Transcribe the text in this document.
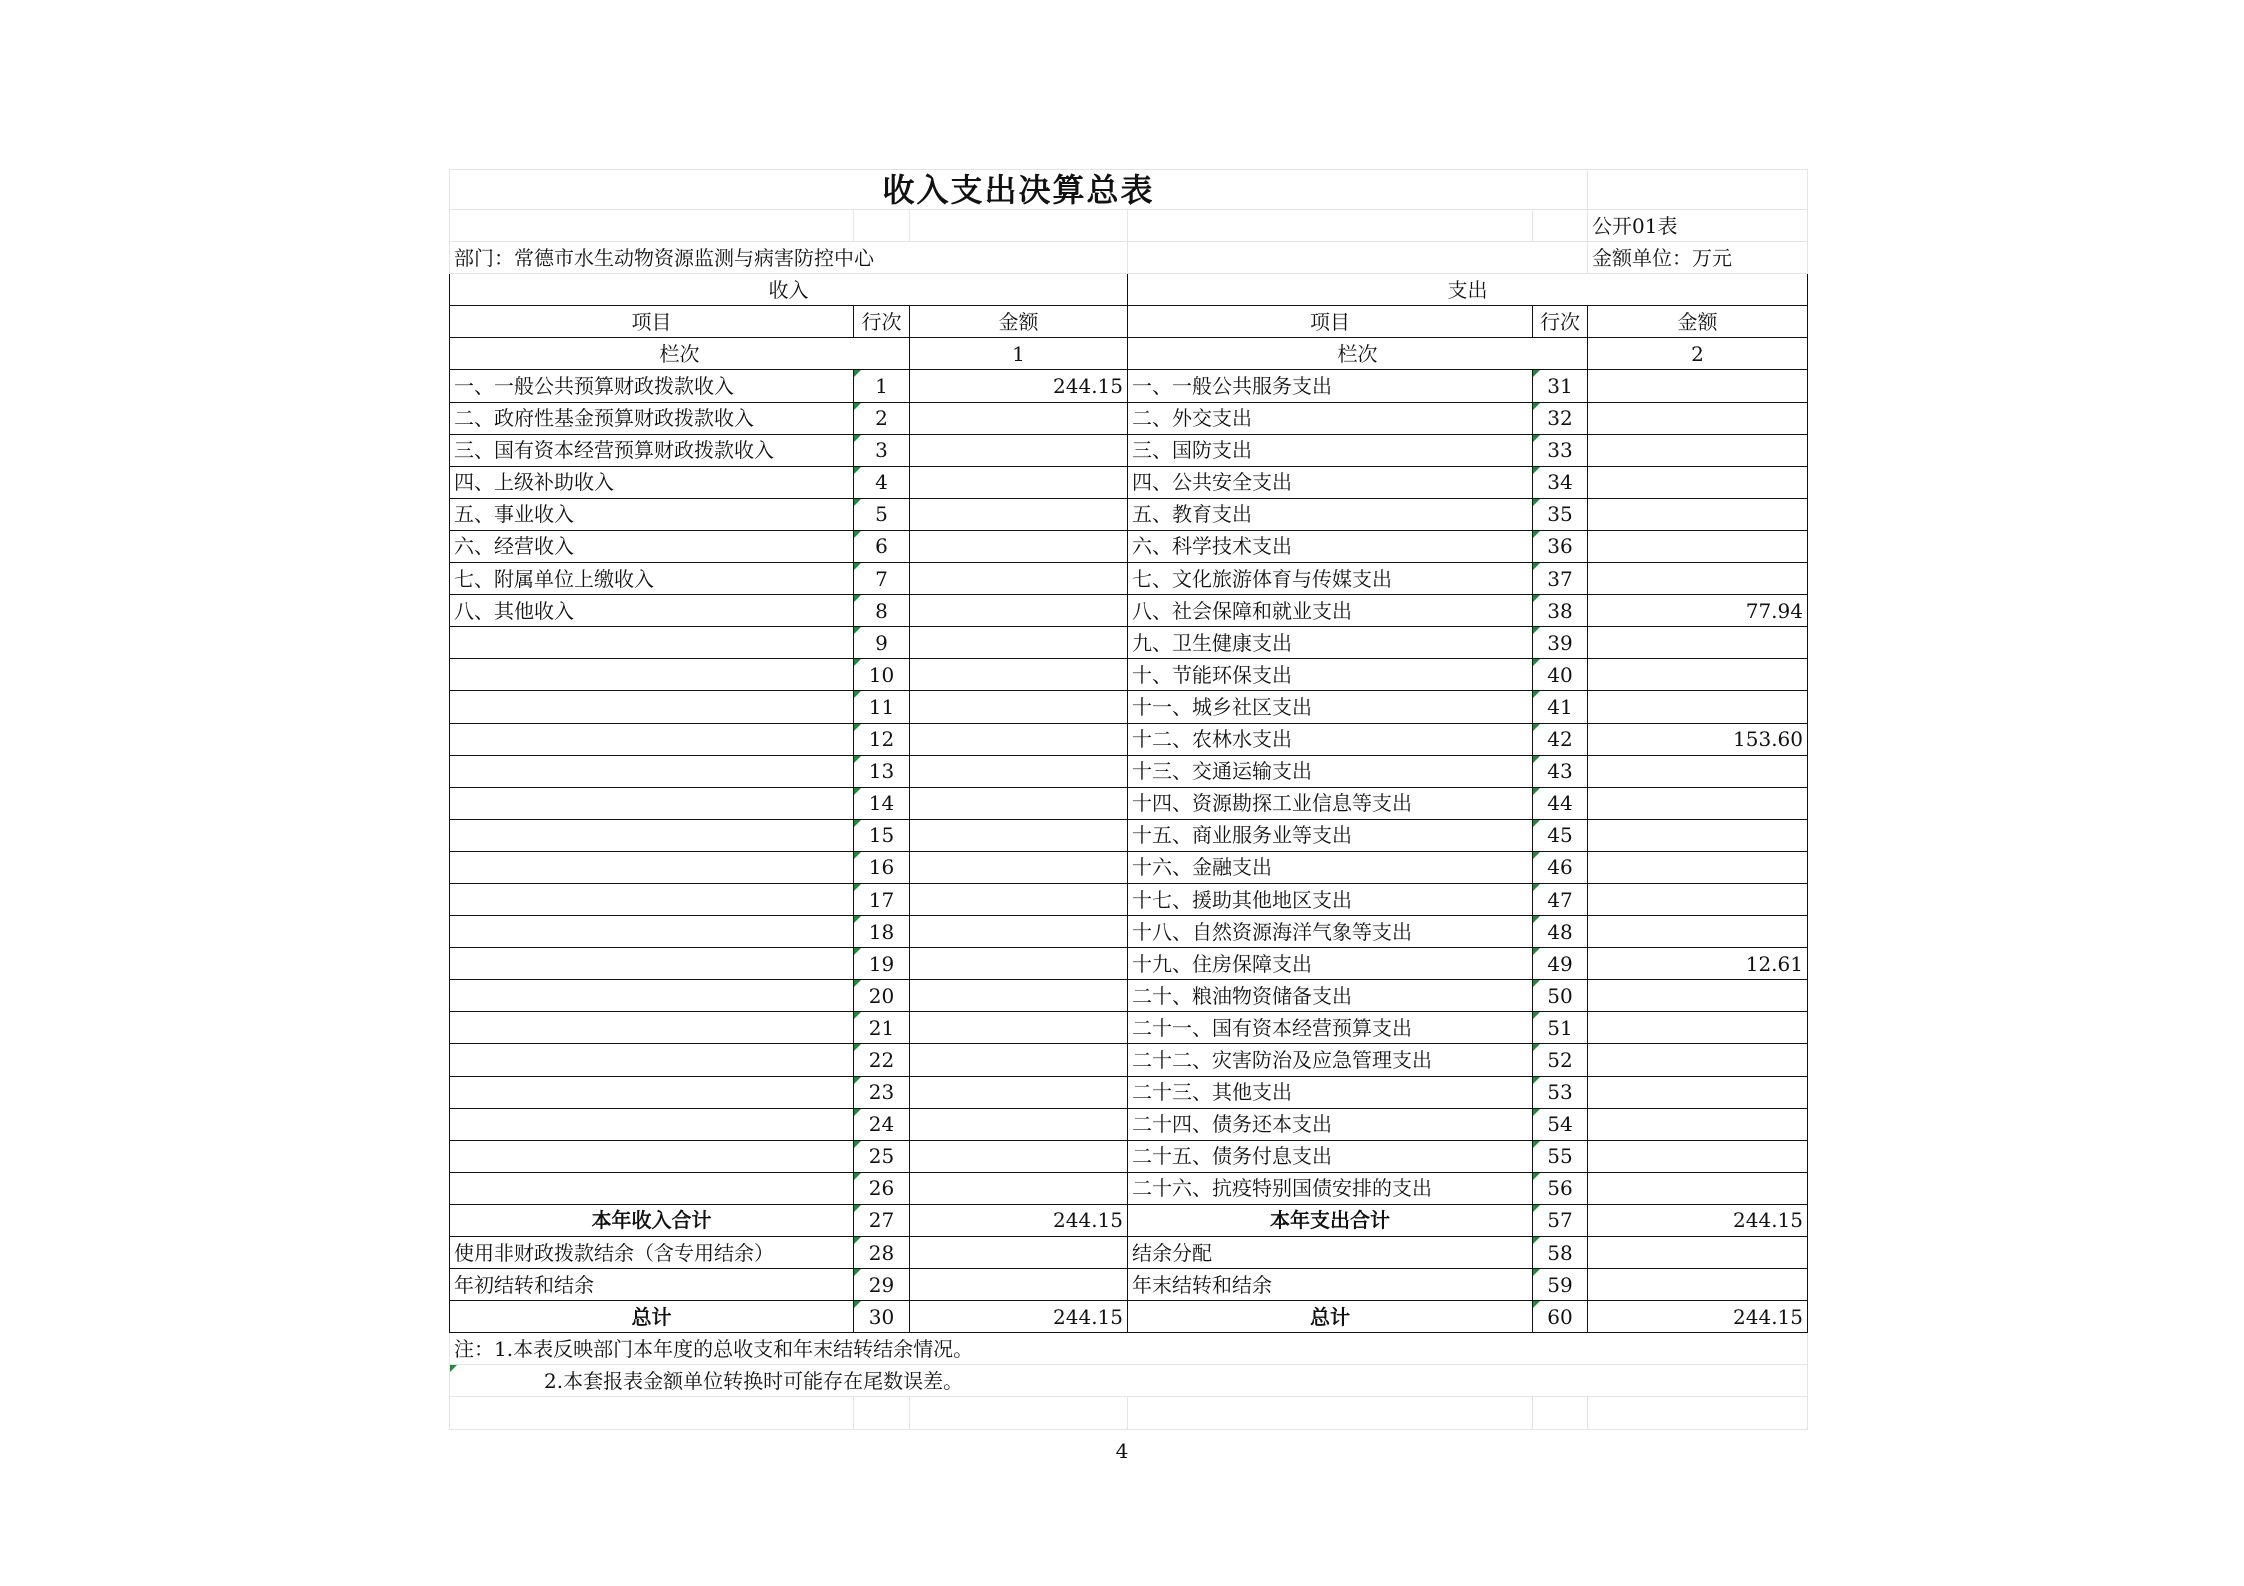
收入支出决算总表					
					公开01表
部门：常德市水生动物资源监测与病害防控中心					金额单位：万元
收入			支出		
项目	行次	金额	项目	行次	金额
栏次		1	栏次		2
一、一般公共预算财政拨款收入	1	244.15	一、一般公共服务支出	31	
二、政府性基金预算财政拨款收入	2		二、外交支出	32	
三、国有资本经营预算财政拨款收入	3		三、国防支出	33	
四、上级补助收入	4		四、公共安全支出	34	
五、事业收入	5		五、教育支出	35	
六、经营收入	6		六、科学技术支出	36	
七、附属单位上缴收入	7		七、文化旅游体育与传媒支出	37	
八、其他收入	8		八、社会保障和就业支出	38	77.94
	9		九、卫生健康支出	39	
	10		十、节能环保支出	40	
	11		十一、城乡社区支出	41	
	12		十二、农林水支出	42	153.60
	13		十三、交通运输支出	43	
	14		十四、资源勘探工业信息等支出	44	
	15		十五、商业服务业等支出	45	
	16		十六、金融支出	46	
	17		十七、援助其他地区支出	47	
	18		十八、自然资源海洋气象等支出	48	
	19		十九、住房保障支出	49	12.61
	20		二十、粮油物资储备支出	50	
	21		二十一、国有资本经营预算支出	51	
	22		二十二、灾害防治及应急管理支出	52	
	23		二十三、其他支出	53	
	24		二十四、债务还本支出	54	
	25		二十五、债务付息支出	55	
	26		二十六、抗疫特别国债安排的支出	56	
本年收入合计	27	244.15	本年支出合计	57	244.15
使用非财政拨款结余（含专用结余）	28		结余分配	58	
年初结转和结余	29		年末结转和结余	59	
总计	30	244.15	总计	60	244.15
注：1.本表反映部门本年度的总收支和年末结转结余情况。					
2.本套报表金额单位转换时可能存在尾数误差。					

4
